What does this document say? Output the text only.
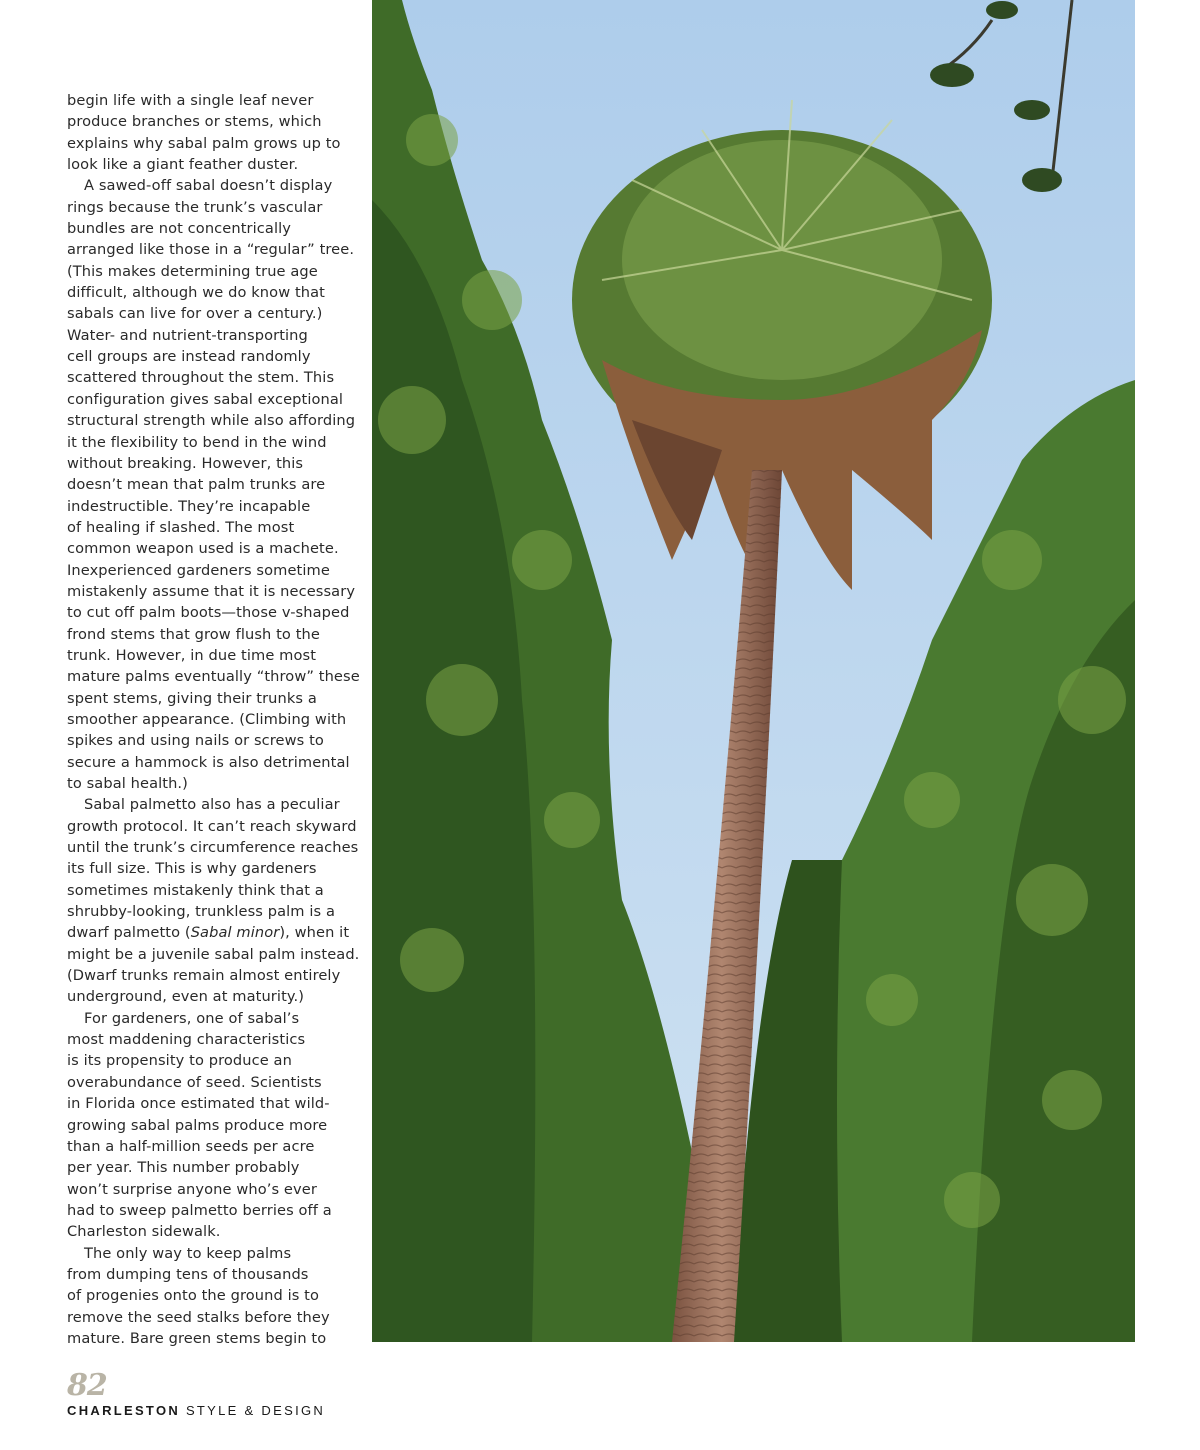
begin life with a single leaf never
produce branches or stems, which
explains why sabal palm grows up to
look like a giant feather duster.
A sawed-off sabal doesn’t display
rings because the trunk’s vascular
bundles are not concentrically
arranged like those in a “regular” tree.
(This makes determining true age
difficult, although we do know that
sabals can live for over a century.)
Water- and nutrient-transporting
cell groups are instead randomly
scattered throughout the stem. This
configuration gives sabal exceptional
structural strength while also affording
it the flexibility to bend in the wind
without breaking. However, this
doesn’t mean that palm trunks are
indestructible. They’re incapable
of healing if slashed. The most
common weapon used is a machete.
Inexperienced gardeners sometime
mistakenly assume that it is necessary
to cut off palm boots—those v-shaped
frond stems that grow flush to the
trunk. However, in due time most
mature palms eventually “throw” these
spent stems, giving their trunks a
smoother appearance. (Climbing with
spikes and using nails or screws to
secure a hammock is also detrimental
to sabal health.)
Sabal palmetto also has a peculiar
growth protocol. It can’t reach skyward
until the trunk’s circumference reaches
its full size. This is why gardeners
sometimes mistakenly think that a
shrubby-looking, trunkless palm is a
dwarf palmetto (Sabal minor), when it
might be a juvenile sabal palm instead.
(Dwarf trunks remain almost entirely
underground, even at maturity.)
For gardeners, one of sabal’s
most maddening characteristics
is its propensity to produce an
overabundance of seed. Scientists
in Florida once estimated that wild-
growing sabal palms produce more
than a half-million seeds per acre
per year. This number probably
won’t surprise anyone who’s ever
had to sweep palmetto berries off a
Charleston sidewalk.
The only way to keep palms
from dumping tens of thousands
of progenies onto the ground is to
remove the seed stalks before they
mature. Bare green stems begin to
82
CHARLESTON STYLE & DESIGN
